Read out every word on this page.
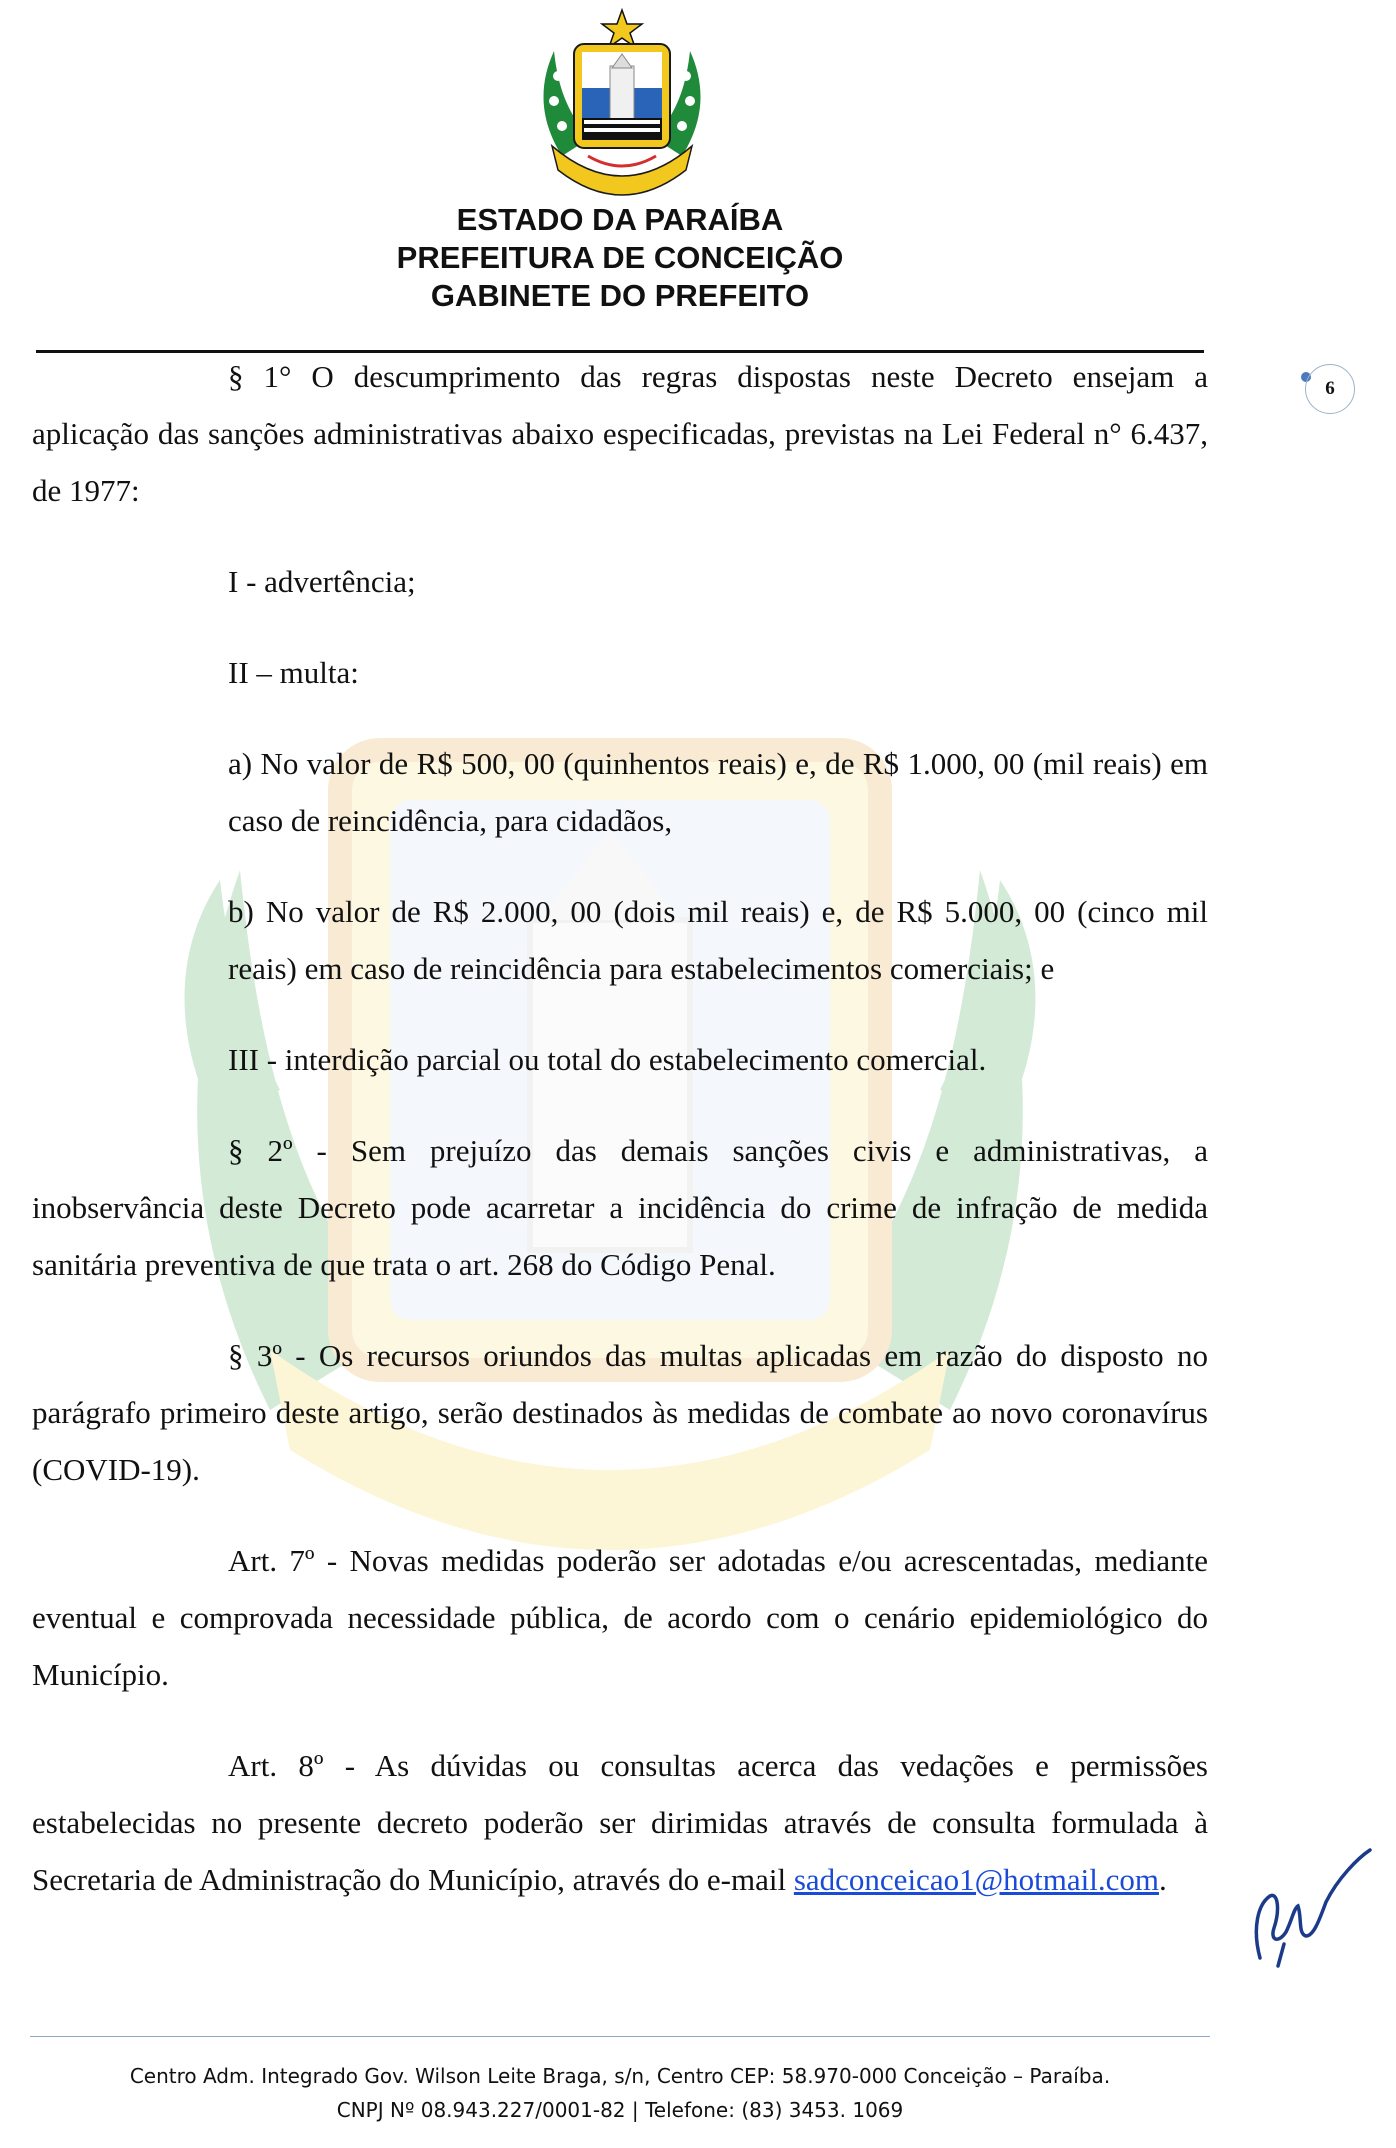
ESTADO DA PARAÍBA
PREFEITURA DE CONCEIÇÃO
GABINETE DO PREFEITO
6

§ 1° O descumprimento das regras dispostas neste Decreto ensejam a aplicação das sanções administrativas abaixo especificadas, previstas na Lei Federal n° 6.437, de 1977:

I - advertência;

II – multa:

a) No valor de R$ 500, 00 (quinhentos reais) e, de R$ 1.000, 00 (mil reais) em caso de reincidência, para cidadãos,

b) No valor de R$ 2.000, 00 (dois mil reais) e, de R$ 5.000, 00 (cinco mil reais) em caso de reincidência para estabelecimentos comerciais; e

III - interdição parcial ou total do estabelecimento comercial.

§ 2º - Sem prejuízo das demais sanções civis e administrativas, a inobservância deste Decreto pode acarretar a incidência do crime de infração de medida sanitária preventiva de que trata o art. 268 do Código Penal.

§ 3º - Os recursos oriundos das multas aplicadas em razão do disposto no parágrafo primeiro deste artigo, serão destinados às medidas de combate ao novo coronavírus (COVID-19).

Art. 7º - Novas medidas poderão ser adotadas e/ou acrescentadas, mediante eventual e comprovada necessidade pública, de acordo com o cenário epidemiológico do Município.

Art. 8º - As dúvidas ou consultas acerca das vedações e permissões estabelecidas no presente decreto poderão ser dirimidas através de consulta formulada à Secretaria de Administração do Município, através do e-mail sadconceicao1@hotmail.com.

Centro Adm. Integrado Gov. Wilson Leite Braga, s/n, Centro CEP: 58.970-000 Conceição – Paraíba.
CNPJ Nº 08.943.227/0001-82 | Telefone: (83) 3453. 1069
